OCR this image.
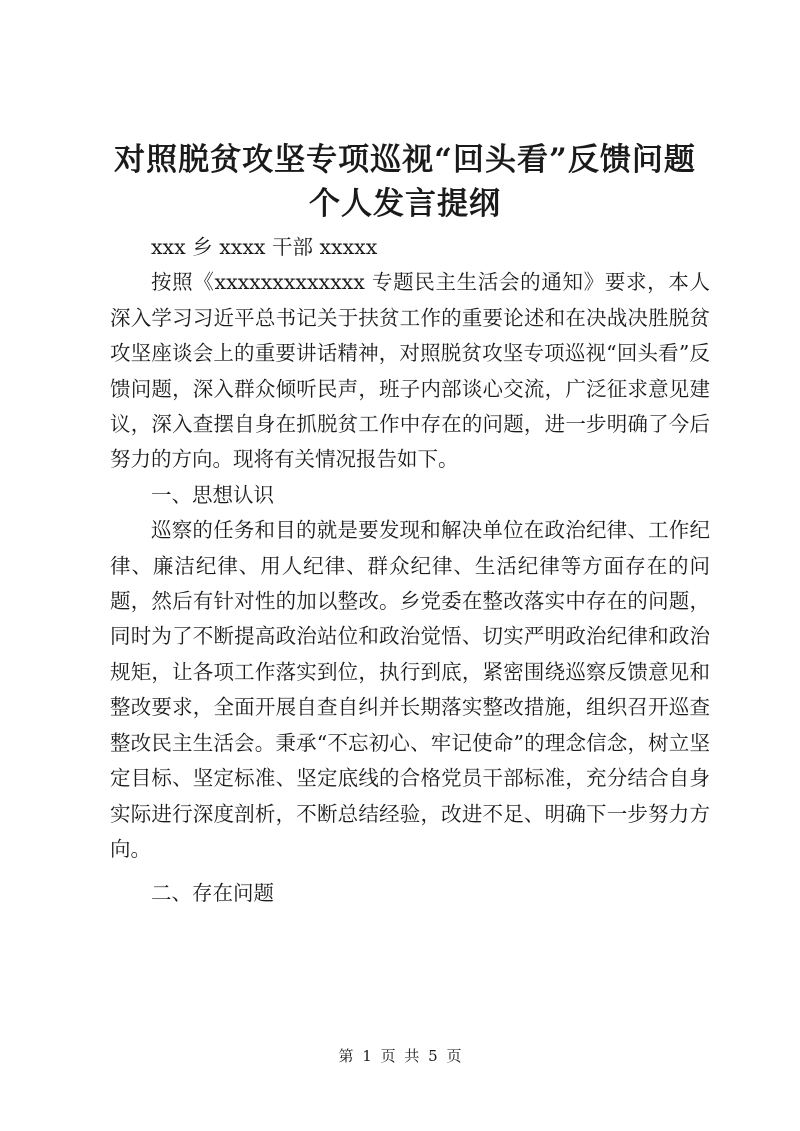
对照脱贫攻坚专项巡视“回头看”反馈问题个人发言提纲

xxx 乡 xxxx 干部 xxxxx

按照《xxxxxxxxxxxxx 专题民主生活会的通知》要求，本人深入学习习近平总书记关于扶贫工作的重要论述和在决战决胜脱贫攻坚座谈会上的重要讲话精神，对照脱贫攻坚专项巡视“回头看”反馈问题，深入群众倾听民声，班子内部谈心交流，广泛征求意见建议，深入查摆自身在抓脱贫工作中存在的问题，进一步明确了今后努力的方向。现将有关情况报告如下。

一、思想认识

巡察的任务和目的就是要发现和解决单位在政治纪律、工作纪律、廉洁纪律、用人纪律、群众纪律、生活纪律等方面存在的问题，然后有针对性的加以整改。乡党委在整改落实中存在的问题，同时为了不断提高政治站位和政治觉悟、切实严明政治纪律和政治规矩，让各项工作落实到位，执行到底，紧密围绕巡察反馈意见和整改要求，全面开展自查自纠并长期落实整改措施，组织召开巡查整改民主生活会。秉承“不忘初心、牢记使命”的理念信念，树立坚定目标、坚定标准、坚定底线的合格党员干部标准，充分结合自身实际进行深度剖析，不断总结经验，改进不足、明确下一步努力方向。

二、存在问题

第 1 页 共 5 页
